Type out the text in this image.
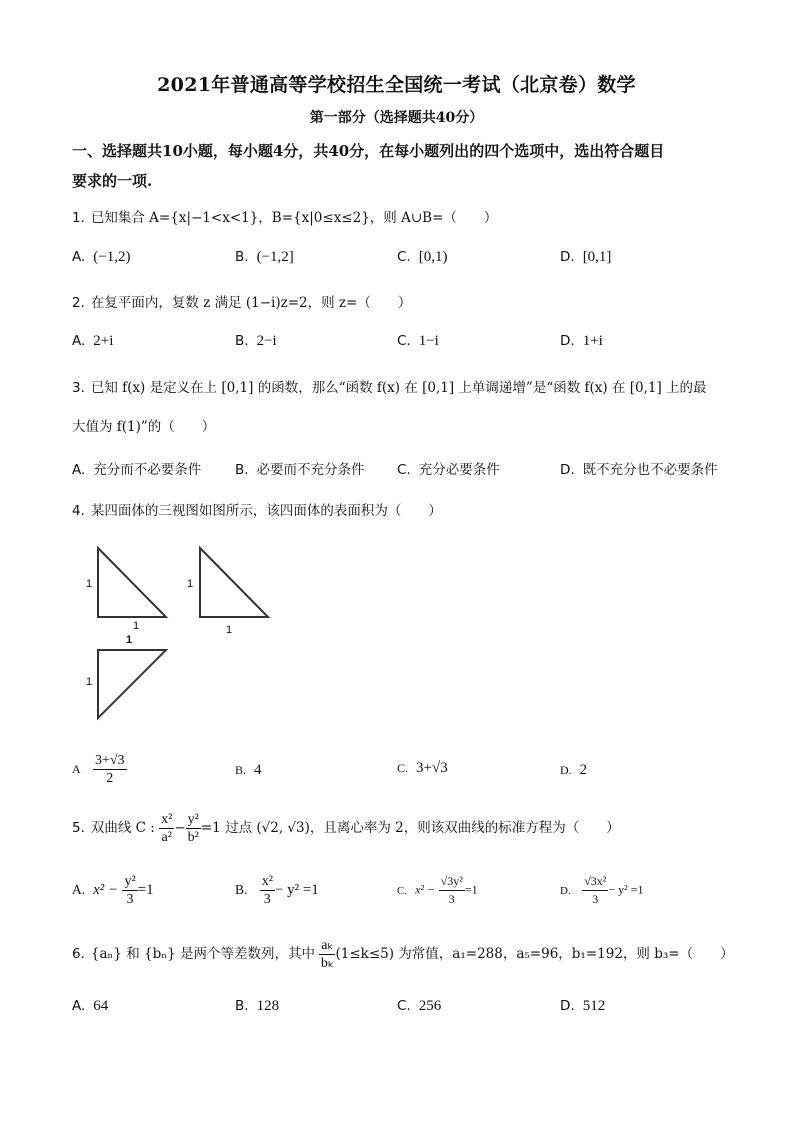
2021年普通高等学校招生全国统一考试（北京卷）数学
第一部分（选择题共40分）
一、选择题共10小题，每小题4分，共40分，在每小题列出的四个选项中，选出符合题目
要求的一项.
1. 已知集合 A={x|−1<x<1}，B={x|0≤x≤2}，则 A∪B=（　　）
A. (−1,2)	B. (−1,2]	C. [0,1)	D. [0,1]
2. 在复平面内，复数 z 满足 (1−i)z=2，则 z=（　　）
A. 2+i	B. 2−i	C. 1−i	D. 1+i
3. 已知 f(x) 是定义在上 [0,1] 的函数，那么“函数 f(x) 在 [0,1] 上单调递增”是“函数 f(x) 在 [0,1] 上的最
大值为 f(1)”的（　　）
A. 充分而不必要条件 B. 必要而不充分条件 C. 充分必要条件	D. 既不充分也不必要条件
4. 某四面体的三视图如图所示，该四面体的表面积为（　　）
1
1
1
1
1
1
A $\frac{3+√3}{2}$	B. 4	C. 3+√3	D. 2
5. 双曲线 C : $\frac{\text{x²}}{\text{a²}} - \frac{\text{y²}}{\text{b²}} =1$ 过点 (√2, √3)，且离心率为 2，则该双曲线的标准方程为（　　）
A. $x^2 - \frac{\text{y²}}{3} =1$	B. $\frac{\text{x²}}{3} - y^2 =1$	C. $x^2 - \frac{\text{√3y²}}{3} =1$	D. $\frac{\text{√3x²}}{3} - y^2 =1$
6. {aₙ} 和 {bₙ} 是两个等差数列，其中 $\frac{\text{aₖ}}{\text{bₖ}} (1\le k\le 5)$ 为常值，a₁=288，a₅=96，b₁=192，则 b₃=（　　）
A. 64	B. 128	C. 256	D. 512
